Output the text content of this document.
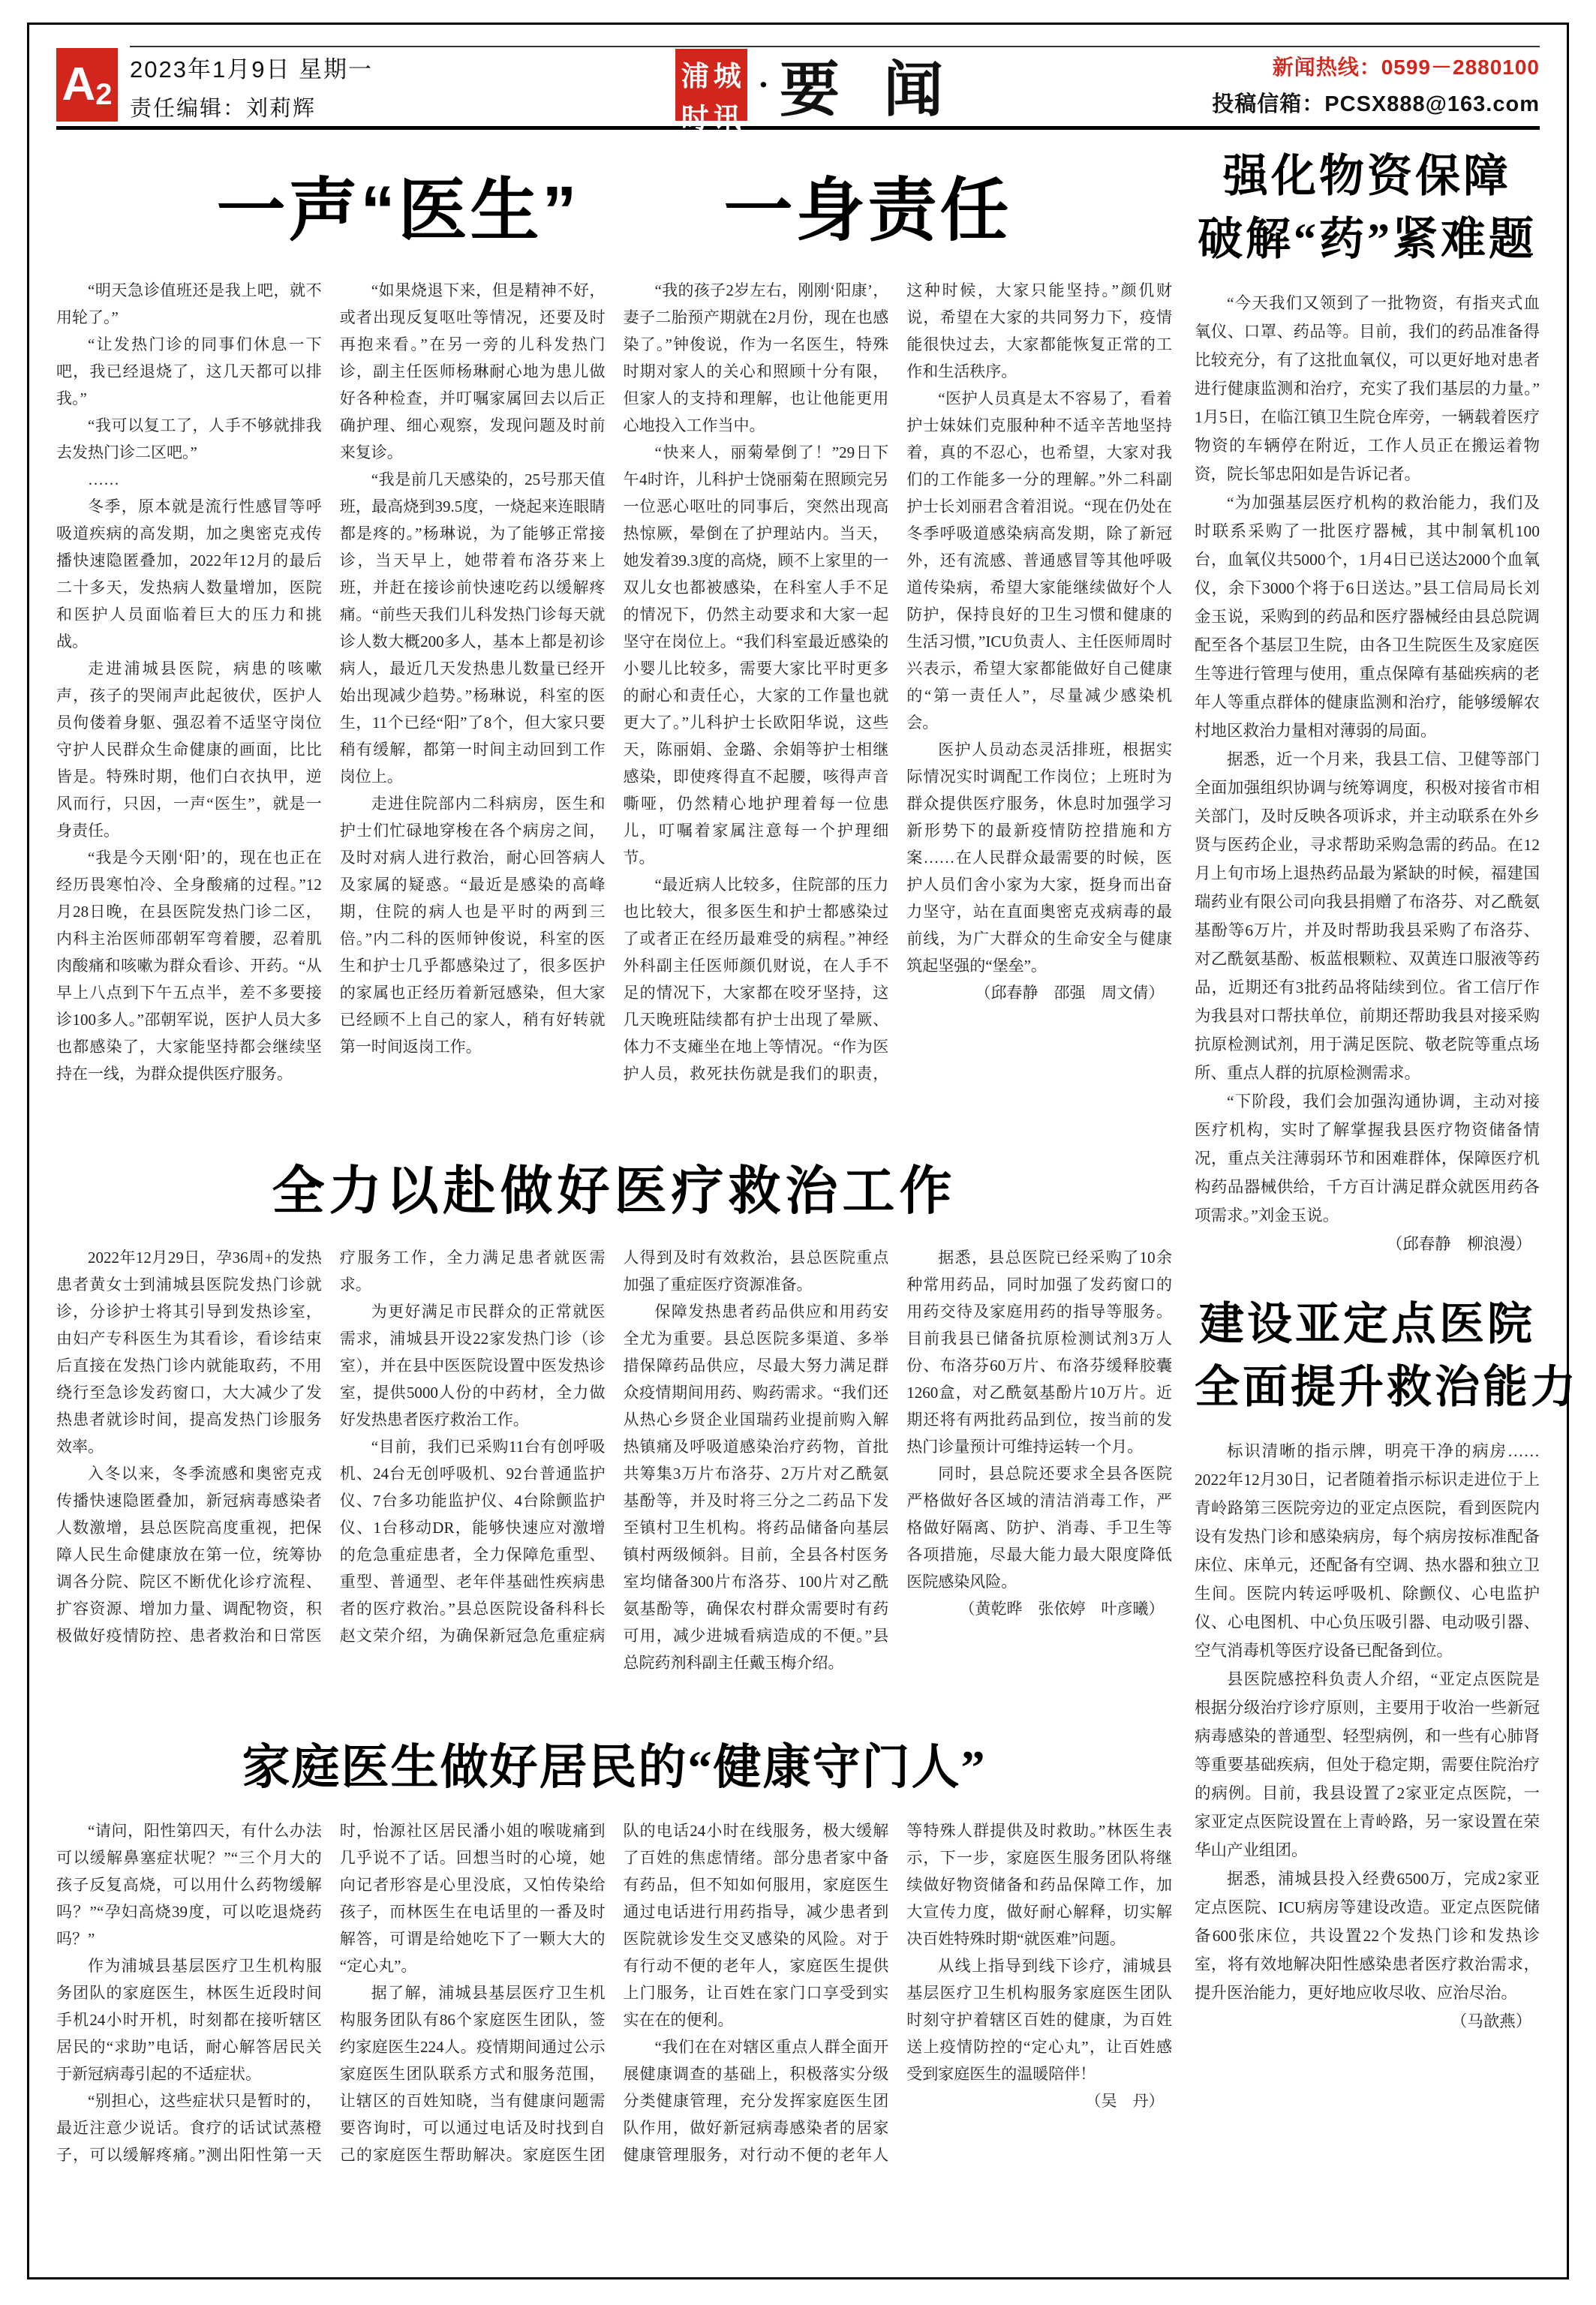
A 2
2023年1月9日 星期一
责任编辑：刘莉辉
浦 城
时 讯
· 要 闻	新闻热线：0599－2880100
投稿信箱：PCSX888@163.com
一声“医生”　　一身责任

“明天急诊值班还是我上吧，就不用轮了。”

“让发热门诊的同事们休息一下吧，我已经退烧了，这几天都可以排我。”

“我可以复工了，人手不够就排我去发热门诊二区吧。”

……

冬季，原本就是流行性感冒等呼吸道疾病的高发期，加之奥密克戎传播快速隐匿叠加，2022年12月的最后二十多天，发热病人数量增加，医院和医护人员面临着巨大的压力和挑战。

走进浦城县医院，病患的咳嗽声，孩子的哭闹声此起彼伏，医护人员佝偻着身躯、强忍着不适坚守岗位守护人民群众生命健康的画面，比比皆是。特殊时期，他们白衣执甲，逆风而行，只因，一声“医生”，就是一身责任。

“我是今天刚‘阳’的，现在也正在经历畏寒怕冷、全身酸痛的过程。”12月28日晚，在县医院发热门诊二区，内科主治医师邵朝军弯着腰，忍着肌肉酸痛和咳嗽为群众看诊、开药。“从早上八点到下午五点半，差不多要接诊100多人。”邵朝军说，医护人员大多也都感染了，大家能坚持都会继续坚持在一线，为群众提供医疗服务。

“如果烧退下来，但是精神不好，或者出现反复呕吐等情况，还要及时再抱来看。”在另一旁的儿科发热门诊，副主任医师杨琳耐心地为患儿做好各种检查，并叮嘱家属回去以后正确护理、细心观察，发现问题及时前来复诊。

“我是前几天感染的，25号那天值班，最高烧到39.5度，一烧起来连眼睛都是疼的。”杨琳说，为了能够正常接诊，当天早上，她带着布洛芬来上班，并赶在接诊前快速吃药以缓解疼痛。“前些天我们儿科发热门诊每天就诊人数大概200多人，基本上都是初诊病人，最近几天发热患儿数量已经开始出现减少趋势。”杨琳说，科室的医生，11个已经“阳”了8个，但大家只要稍有缓解，都第一时间主动回到工作岗位上。

走进住院部内二科病房，医生和护士们忙碌地穿梭在各个病房之间，及时对病人进行救治，耐心回答病人及家属的疑惑。“最近是感染的高峰期，住院的病人也是平时的两到三倍。”内二科的医师钟俊说，科室的医生和护士几乎都感染过了，很多医护的家属也正经历着新冠感染，但大家已经顾不上自己的家人，稍有好转就第一时间返岗工作。

“我的孩子2岁左右，刚刚‘阳康’，妻子二胎预产期就在2月份，现在也感染了。”钟俊说，作为一名医生，特殊时期对家人的关心和照顾十分有限，但家人的支持和理解，也让他能更用心地投入工作当中。

“快来人，丽菊晕倒了！”29日下午4时许，儿科护士饶丽菊在照顾完另一位恶心呕吐的同事后，突然出现高热惊厥，晕倒在了护理站内。当天，她发着39.3度的高烧，顾不上家里的一双儿女也都被感染，在科室人手不足的情况下，仍然主动要求和大家一起坚守在岗位上。“我们科室最近感染的小婴儿比较多，需要大家比平时更多的耐心和责任心，大家的工作量也就更大了。”儿科护士长欧阳华说，这些天，陈丽娟、金璐、余娟等护士相继感染，即使疼得直不起腰，咳得声音嘶哑，仍然精心地护理着每一位患儿，叮嘱着家属注意每一个护理细节。

“最近病人比较多，住院部的压力也比较大，很多医生和护士都感染过了或者正在经历最难受的病程。”神经外科副主任医师颜仉财说，在人手不足的情况下，大家都在咬牙坚持，这几天晚班陆续都有护士出现了晕厥、体力不支瘫坐在地上等情况。“作为医护人员，救死扶伤就是我们的职责，这种时候，大家只能坚持。”颜仉财说，希望在大家的共同努力下，疫情能很快过去，大家都能恢复正常的工作和生活秩序。

“医护人员真是太不容易了，看着护士妹妹们克服种种不适辛苦地坚持着，真的不忍心，也希望，大家对我们的工作能多一分的理解。”外二科副护士长刘丽君含着泪说。“现在仍处在冬季呼吸道感染病高发期，除了新冠外，还有流感、普通感冒等其他呼吸道传染病，希望大家能继续做好个人防护，保持良好的卫生习惯和健康的生活习惯，”ICU负责人、主任医师周时兴表示，希望大家都能做好自己健康的“第一责任人”，尽量减少感染机会。

医护人员动态灵活排班，根据实际情况实时调配工作岗位；上班时为群众提供医疗服务，休息时加强学习新形势下的最新疫情防控措施和方案……在人民群众最需要的时候，医护人员们舍小家为大家，挺身而出奋力坚守，站在直面奥密克戎病毒的最前线，为广大群众的生命安全与健康筑起坚强的“堡垒”。

（邱春静　邵强　周文倩）

全力以赴做好医疗救治工作

2022年12月29日，孕36周+的发热患者黄女士到浦城县医院发热门诊就诊，分诊护士将其引导到发热诊室，由妇产专科医生为其看诊，看诊结束后直接在发热门诊内就能取药，不用绕行至急诊发药窗口，大大减少了发热患者就诊时间，提高发热门诊服务效率。

入冬以来，冬季流感和奥密克戎传播快速隐匿叠加，新冠病毒感染者人数激增，县总医院高度重视，把保障人民生命健康放在第一位，统筹协调各分院、院区不断优化诊疗流程、扩容资源、增加力量、调配物资，积极做好疫情防控、患者救治和日常医疗服务工作，全力满足患者就医需求。

为更好满足市民群众的正常就医需求，浦城县开设22家发热门诊（诊室），并在县中医医院设置中医发热诊室，提供5000人份的中药材，全力做好发热患者医疗救治工作。

“目前，我们已采购11台有创呼吸机、24台无创呼吸机、92台普通监护仪、7台多功能监护仪、4台除颤监护仪、1台移动DR，能够快速应对激增的危急重症患者，全力保障危重型、重型、普通型、老年伴基础性疾病患者的医疗救治。”县总医院设备科科长赵文荣介绍，为确保新冠急危重症病人得到及时有效救治，县总医院重点加强了重症医疗资源准备。

保障发热患者药品供应和用药安全尤为重要。县总医院多渠道、多举措保障药品供应，尽最大努力满足群众疫情期间用药、购药需求。“我们还从热心乡贤企业国瑞药业提前购入解热镇痛及呼吸道感染治疗药物，首批共筹集3万片布洛芬、2万片对乙酰氨基酚等，并及时将三分之二药品下发至镇村卫生机构。将药品储备向基层镇村两级倾斜。目前，全县各村医务室均储备300片布洛芬、100片对乙酰氨基酚等，确保农村群众需要时有药可用，减少进城看病造成的不便。”县总院药剂科副主任戴玉梅介绍。

据悉，县总医院已经采购了10余种常用药品，同时加强了发药窗口的用药交待及家庭用药的指导等服务。目前我县已储备抗原检测试剂3万人份、布洛芬60万片、布洛芬缓释胶囊1260盒，对乙酰氨基酚片10万片。近期还将有两批药品到位，按当前的发热门诊量预计可维持运转一个月。

同时，县总院还要求全县各医院严格做好各区域的清洁消毒工作，严格做好隔离、防护、消毒、手卫生等各项措施，尽最大能力最大限度降低医院感染风险。

（黄乾晔　张依婷　叶彦曦）

家庭医生做好居民的“健康守门人”

“请问，阳性第四天，有什么办法可以缓解鼻塞症状呢？”“三个月大的孩子反复高烧，可以用什么药物缓解吗？”“孕妇高烧39度，可以吃退烧药吗？”

作为浦城县基层医疗卫生机构服务团队的家庭医生，林医生近段时间手机24小时开机，时刻都在接听辖区居民的“求助”电话，耐心解答居民关于新冠病毒引起的不适症状。

“别担心，这些症状只是暂时的，最近注意少说话。食疗的话试试蒸橙子，可以缓解疼痛。”测出阳性第一天时，怡源社区居民潘小姐的喉咙痛到几乎说不了话。回想当时的心境，她向记者形容是心里没底，又怕传染给孩子，而林医生在电话里的一番及时解答，可谓是给她吃下了一颗大大的“定心丸”。

据了解，浦城县基层医疗卫生机构服务团队有86个家庭医生团队，签约家庭医生224人。疫情期间通过公示家庭医生团队联系方式和服务范围，让辖区的百姓知晓，当有健康问题需要咨询时，可以通过电话及时找到自己的家庭医生帮助解决。家庭医生团队的电话24小时在线服务，极大缓解了百姓的焦虑情绪。部分患者家中备有药品，但不知如何服用，家庭医生通过电话进行用药指导，减少患者到医院就诊发生交叉感染的风险。对于有行动不便的老年人，家庭医生提供上门服务，让百姓在家门口享受到实实在在的便利。

“我们在在对辖区重点人群全面开展健康调查的基础上，积极落实分级分类健康管理，充分发挥家庭医生团队作用，做好新冠病毒感染者的居家健康管理服务，对行动不便的老年人等特殊人群提供及时救助。”林医生表示，下一步，家庭医生服务团队将继续做好物资储备和药品保障工作，加大宣传力度，做好耐心解释，切实解决百姓特殊时期“就医难”问题。

从线上指导到线下诊疗，浦城县基层医疗卫生机构服务家庭医生团队时刻守护着辖区百姓的健康，为百姓送上疫情防控的“定心丸”，让百姓感受到家庭医生的温暖陪伴！

（吴　丹）

强化物资保障
破解“药”紧难题

“今天我们又领到了一批物资，有指夹式血氧仪、口罩、药品等。目前，我们的药品准备得比较充分，有了这批血氧仪，可以更好地对患者进行健康监测和治疗，充实了我们基层的力量。”1月5日，在临江镇卫生院仓库旁，一辆载着医疗物资的车辆停在附近，工作人员正在搬运着物资，院长邹忠阳如是告诉记者。

“为加强基层医疗机构的救治能力，我们及时联系采购了一批医疗器械，其中制氧机100台，血氧仪共5000个，1月4日已送达2000个血氧仪，余下3000个将于6日送达。”县工信局局长刘金玉说，采购到的药品和医疗器械经由县总院调配至各个基层卫生院，由各卫生院医生及家庭医生等进行管理与使用，重点保障有基础疾病的老年人等重点群体的健康监测和治疗，能够缓解农村地区救治力量相对薄弱的局面。

据悉，近一个月来，我县工信、卫健等部门全面加强组织协调与统筹调度，积极对接省市相关部门，及时反映各项诉求，并主动联系在外乡贤与医药企业，寻求帮助采购急需的药品。在12月上旬市场上退热药品最为紧缺的时候，福建国瑞药业有限公司向我县捐赠了布洛芬、对乙酰氨基酚等6万片，并及时帮助我县采购了布洛芬、对乙酰氨基酚、板蓝根颗粒、双黄连口服液等药品，近期还有3批药品将陆续到位。省工信厅作为我县对口帮扶单位，前期还帮助我县对接采购抗原检测试剂，用于满足医院、敬老院等重点场所、重点人群的抗原检测需求。

“下阶段，我们会加强沟通协调，主动对接医疗机构，实时了解掌握我县医疗物资储备情况，重点关注薄弱环节和困难群体，保障医疗机构药品器械供给，千方百计满足群众就医用药各项需求。”刘金玉说。

（邱春静　柳浪漫）

建设亚定点医院
全面提升救治能力

标识清晰的指示牌，明亮干净的病房……2022年12月30日，记者随着指示标识走进位于上青岭路第三医院旁边的亚定点医院，看到医院内设有发热门诊和感染病房，每个病房按标准配备床位、床单元，还配备有空调、热水器和独立卫生间。医院内转运呼吸机、除颤仪、心电监护仪、心电图机、中心负压吸引器、电动吸引器、空气消毒机等医疗设备已配备到位。

县医院感控科负责人介绍，“亚定点医院是根据分级治疗诊疗原则，主要用于收治一些新冠病毒感染的普通型、轻型病例，和一些有心肺肾等重要基础疾病，但处于稳定期，需要住院治疗的病例。目前，我县设置了2家亚定点医院，一家亚定点医院设置在上青岭路，另一家设置在荣华山产业组团。

据悉，浦城县投入经费6500万，完成2家亚定点医院、ICU病房等建设改造。亚定点医院储备600张床位，共设置22个发热门诊和发热诊室，将有效地解决阳性感染患者医疗救治需求，提升医治能力，更好地应收尽收、应治尽治。

（马歆燕）
